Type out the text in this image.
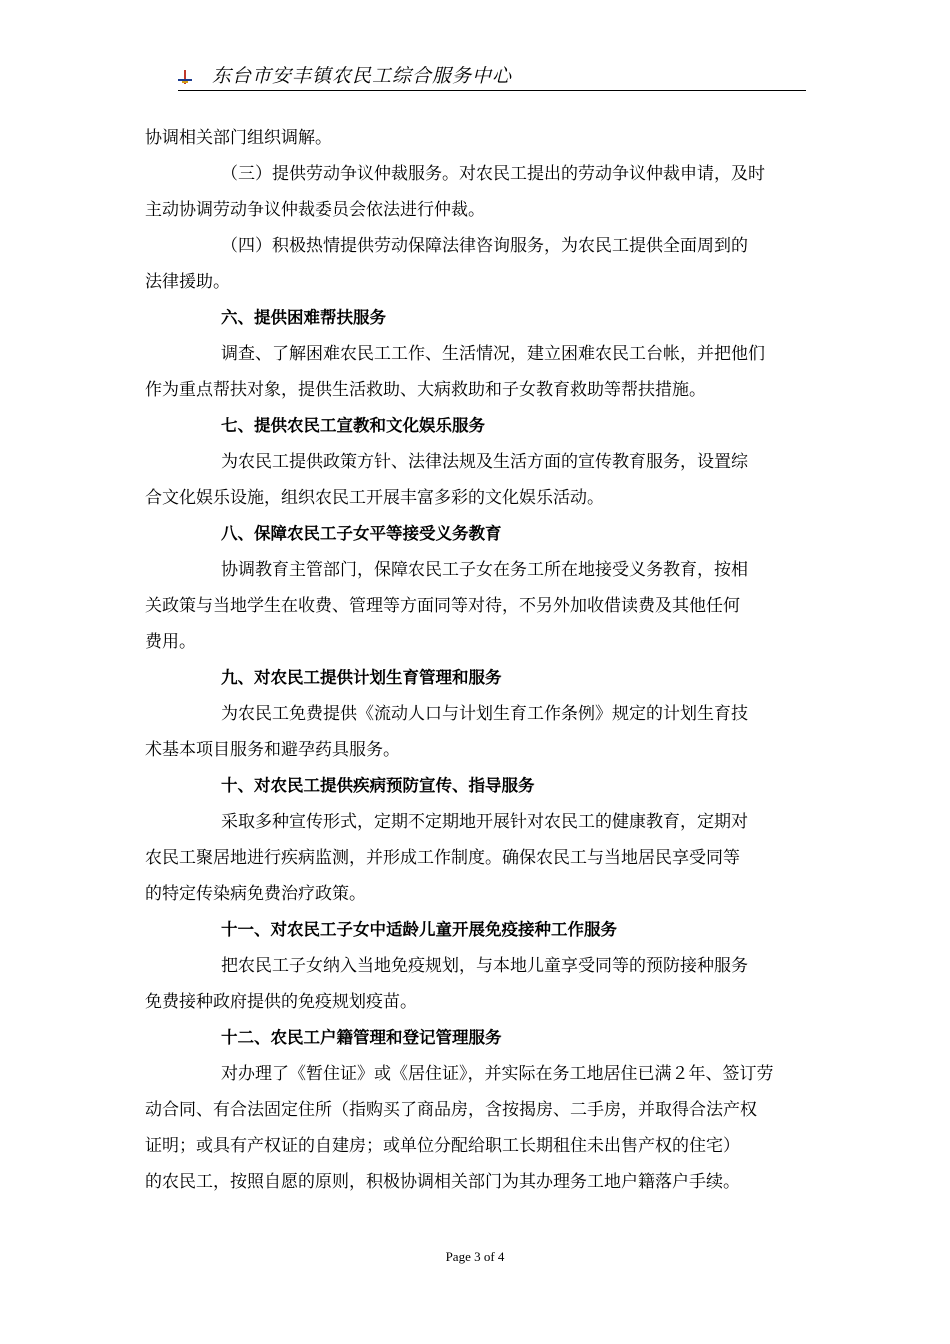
东台市安丰镇农民工综合服务中心

协调相关部门组织调解。

（三）提供劳动争议仲裁服务。对农民工提出的劳动争议仲裁申请，及时

主动协调劳动争议仲裁委员会依法进行仲裁。

（四）积极热情提供劳动保障法律咨询服务，为农民工提供全面周到的

法律援助。

六、提供困难帮扶服务

调查、了解困难农民工工作、生活情况，建立困难农民工台帐，并把他们

作为重点帮扶对象，提供生活救助、大病救助和子女教育救助等帮扶措施。

七、提供农民工宣教和文化娱乐服务

为农民工提供政策方针、法律法规及生活方面的宣传教育服务，设置综

合文化娱乐设施，组织农民工开展丰富多彩的文化娱乐活动。

八、保障农民工子女平等接受义务教育

协调教育主管部门，保障农民工子女在务工所在地接受义务教育，按相

关政策与当地学生在收费、管理等方面同等对待，不另外加收借读费及其他任何

费用。

九、对农民工提供计划生育管理和服务

为农民工免费提供《流动人口与计划生育工作条例》规定的计划生育技

术基本项目服务和避孕药具服务。

十、对农民工提供疾病预防宣传、指导服务

采取多种宣传形式，定期不定期地开展针对农民工的健康教育，定期对

农民工聚居地进行疾病监测，并形成工作制度。确保农民工与当地居民享受同等

的特定传染病免费治疗政策。

十一、对农民工子女中适龄儿童开展免疫接种工作服务

把农民工子女纳入当地免疫规划，与本地儿童享受同等的预防接种服务

免费接种政府提供的免疫规划疫苗。

十二、农民工户籍管理和登记管理服务

对办理了《暂住证》或《居住证》，并实际在务工地居住已满２年、签订劳

动合同、有合法固定住所（指购买了商品房，含按揭房、二手房，并取得合法产权

证明；或具有产权证的自建房；或单位分配给职工长期租住未出售产权的住宅）

的农民工，按照自愿的原则，积极协调相关部门为其办理务工地户籍落户手续。

Page 3 of 4
